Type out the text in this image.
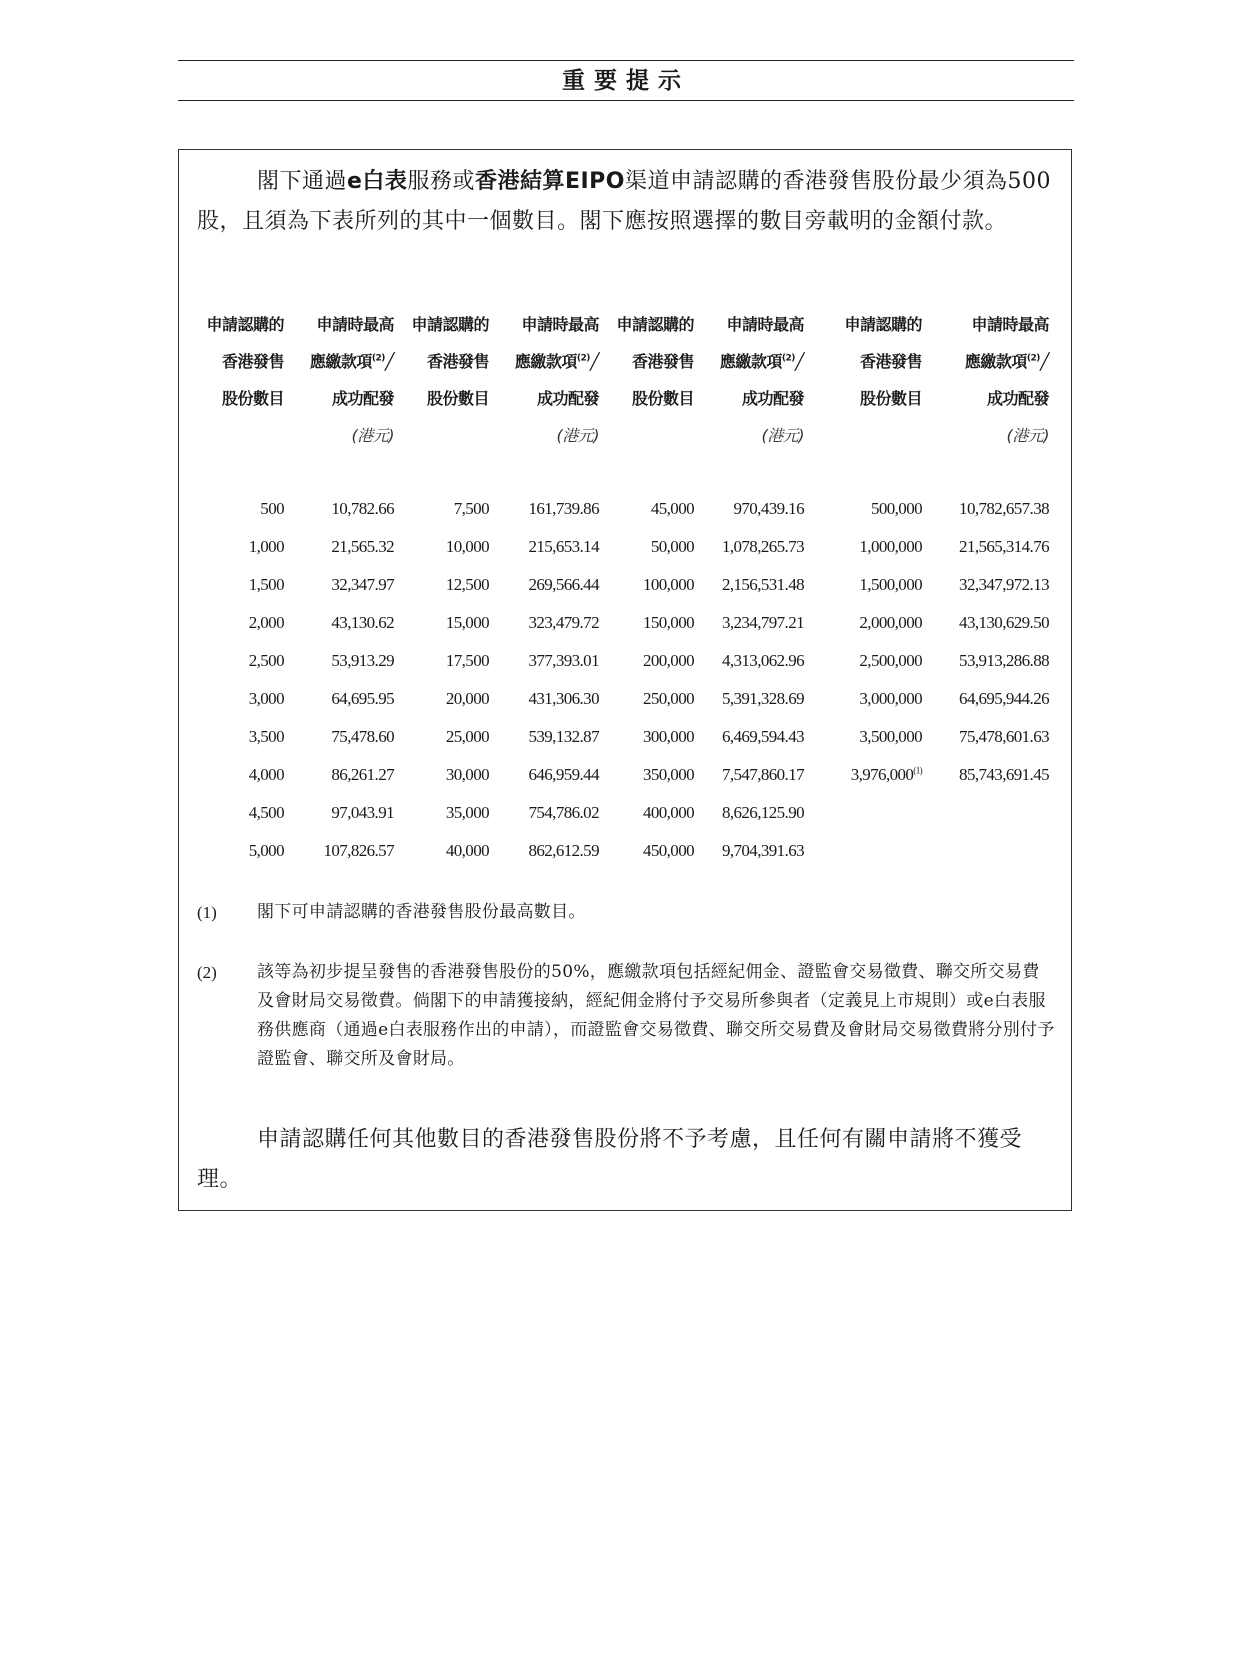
重要提示
閣下通過e白表服務或香港結算EIPO渠道申請認購的香港發售股份最少須為500股，且須為下表所列的其中一個數目。閣下應按照選擇的數目旁載明的金額付款。
申請認購的	申請時最高	申請認購的	申請時最高	申請認購的	申請時最高	申請認購的	申請時最高
香港發售	應繳款項$^{(2)}$╱	香港發售	應繳款項$^{(2)}$╱	香港發售	應繳款項$^{(2)}$╱	香港發售	應繳款項$^{(2)}$╱
股份數目	成功配發	股份數目	成功配發	股份數目	成功配發	股份數目	成功配發
	(港元)		(港元)		(港元)		(港元)

500	10,782.66	7,500	161,739.86	45,000	970,439.16	500,000	10,782,657.38
1,000	21,565.32	10,000	215,653.14	50,000	1,078,265.73	1,000,000	21,565,314.76
1,500	32,347.97	12,500	269,566.44	100,000	2,156,531.48	1,500,000	32,347,972.13
2,000	43,130.62	15,000	323,479.72	150,000	3,234,797.21	2,000,000	43,130,629.50
2,500	53,913.29	17,500	377,393.01	200,000	4,313,062.96	2,500,000	53,913,286.88
3,000	64,695.95	20,000	431,306.30	250,000	5,391,328.69	3,000,000	64,695,944.26
3,500	75,478.60	25,000	539,132.87	300,000	6,469,594.43	3,500,000	75,478,601.63
4,000	86,261.27	30,000	646,959.44	350,000	7,547,860.17	3,976,000$^{(1)}$	85,743,691.45
4,500	97,043.91	35,000	754,786.02	400,000	8,626,125.90		
5,000	107,826.57	40,000	862,612.59	450,000	9,704,391.63		
(1) 閣下可申請認購的香港發售股份最高數目。
(2) 該等為初步提呈發售的香港發售股份的50%，應繳款項包括經紀佣金、證監會交易徵費、聯交所交易費及會財局交易徵費。倘閣下的申請獲接納，經紀佣金將付予交易所參與者（定義見上市規則）或e白表服務供應商（通過e白表服務作出的申請），而證監會交易徵費、聯交所交易費及會財局交易徵費將分別付予證監會、聯交所及會財局。
申請認購任何其他數目的香港發售股份將不予考慮，且任何有關申請將不獲受理。
